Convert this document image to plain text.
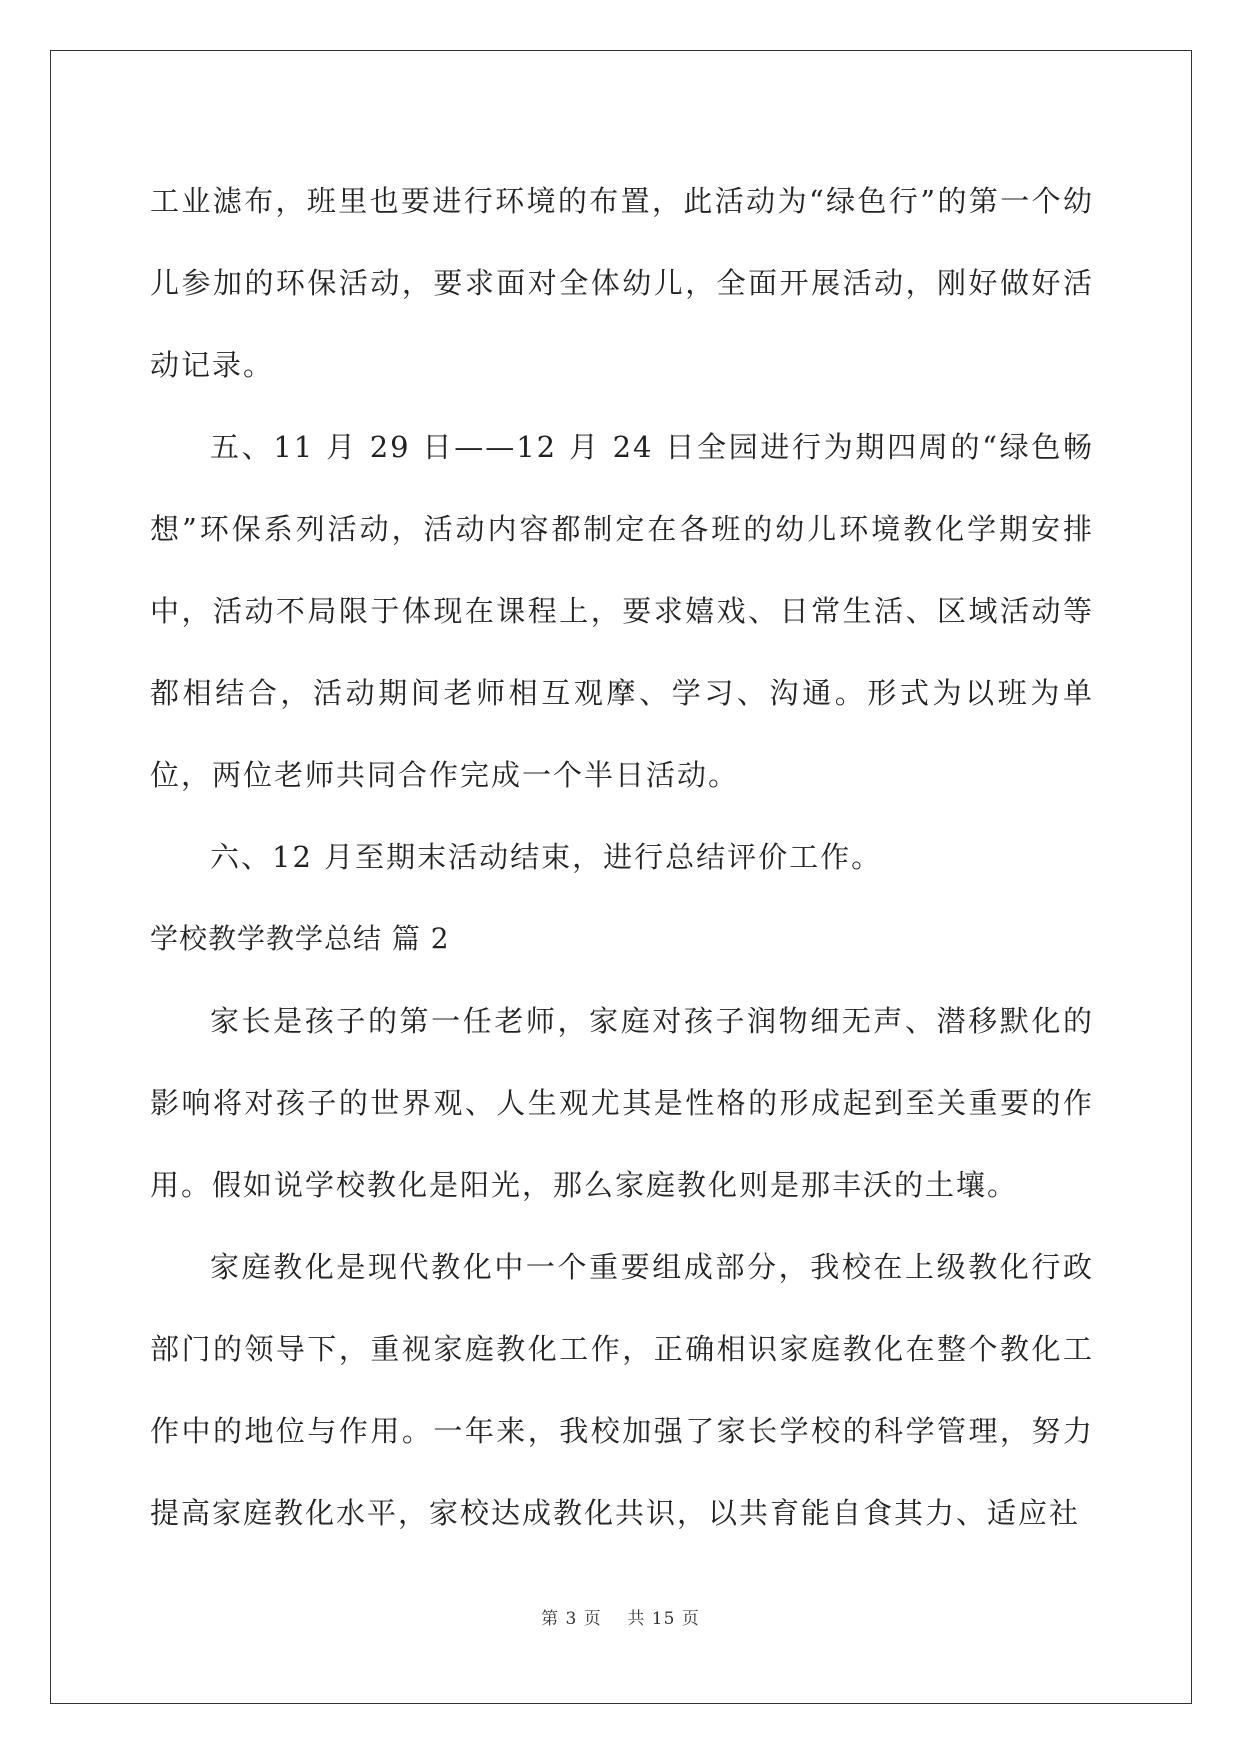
工业滤布，班里也要进行环境的布置，此活动为“绿色行”的第一个幼儿参加的环保活动，要求面对全体幼儿，全面开展活动，刚好做好活动记录。

五、11 月 29 日——12 月 24 日全园进行为期四周的“绿色畅想”环保系列活动，活动内容都制定在各班的幼儿环境教化学期安排中，活动不局限于体现在课程上，要求嬉戏、日常生活、区域活动等都相结合，活动期间老师相互观摩、学习、沟通。形式为以班为单位，两位老师共同合作完成一个半日活动。

六、12 月至期末活动结束，进行总结评价工作。

学校教学教学总结 篇 2

家长是孩子的第一任老师，家庭对孩子润物细无声、潜移默化的影响将对孩子的世界观、人生观尤其是性格的形成起到至关重要的作用。假如说学校教化是阳光，那么家庭教化则是那丰沃的土壤。

家庭教化是现代教化中一个重要组成部分，我校在上级教化行政部门的领导下，重视家庭教化工作，正确相识家庭教化在整个教化工作中的地位与作用。一年来，我校加强了家长学校的科学管理，努力提高家庭教化水平，家校达成教化共识，以共育能自食其力、适应社

第 3 页 共 15 页
